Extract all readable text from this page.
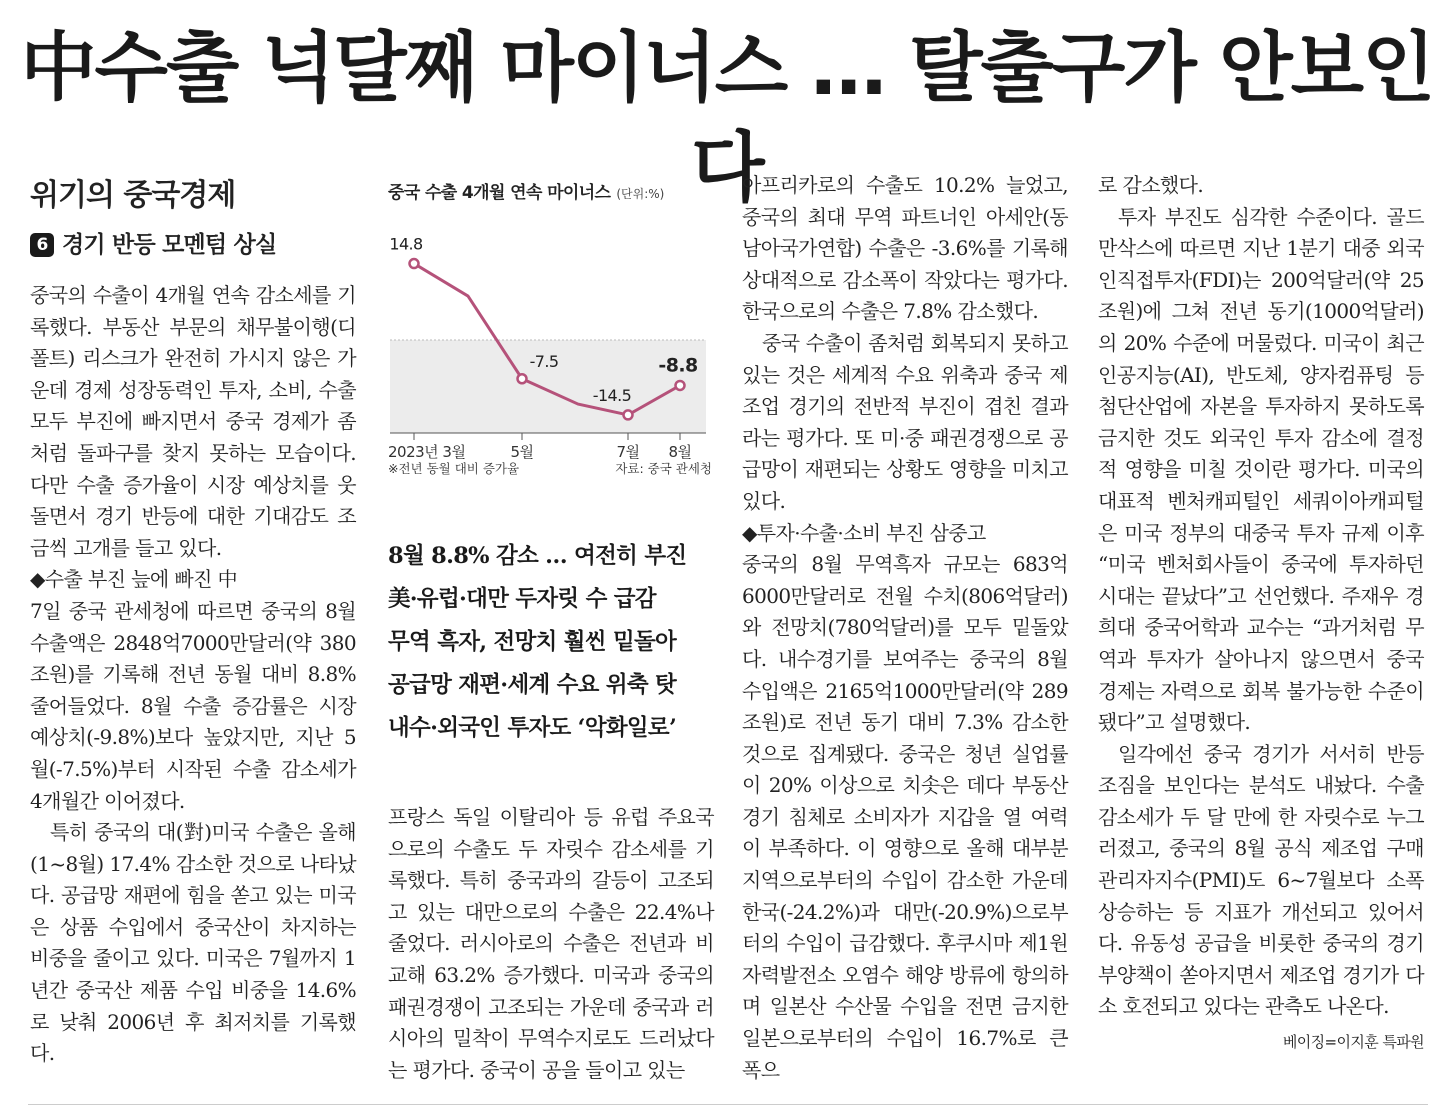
中수출 넉달째 마이너스 … 탈출구가 안보인다
위기의 중국경제
6 경기 반등 모멘텀 상실

중국의 수출이 4개월 연속 감소세를 기록했다. 부동산 부문의 채무불이행(디폴트) 리스크가 완전히 가시지 않은 가운데 경제 성장동력인 투자, 소비, 수출 모두 부진에 빠지면서 중국 경제가 좀처럼 돌파구를 찾지 못하는 모습이다. 다만 수출 증가율이 시장 예상치를 웃돌면서 경기 반등에 대한 기대감도 조금씩 고개를 들고 있다.

◆수출 부진 늪에 빠진 中

7일 중국 관세청에 따르면 중국의 8월 수출액은 2848억7000만달러(약 380조원)를 기록해 전년 동월 대비 8.8% 줄어들었다. 8월 수출 증감률은 시장 예상치(-9.8%)보다 높았지만, 지난 5월(-7.5%)부터 시작된 수출 감소세가 4개월간 이어졌다.

특히 중국의 대(對)미국 수출은 올해(1~8월) 17.4% 감소한 것으로 나타났다. 공급망 재편에 힘을 쏟고 있는 미국은 상품 수입에서 중국산이 차지하는 비중을 줄이고 있다. 미국은 7월까지 1년간 중국산 제품 수입 비중을 14.6%로 낮춰 2006년 후 최저치를 기록했다.

중국 수출 4개월 연속 마이너스 (단위:%)
2023년 3월	5월	7월 8월
14.8
-7.5
-14.5
-8.8
※전년 동월 대비 증가율	자료: 중국 관세청
8월 8.8% 감소 … 여전히 부진
美·유럽·대만 두자릿 수 급감
무역 흑자, 전망치 훨씬 밑돌아
공급망 재편·세계 수요 위축 탓
내수·외국인 투자도 ‘악화일로’

프랑스 독일 이탈리아 등 유럽 주요국으로의 수출도 두 자릿수 감소세를 기록했다. 특히 중국과의 갈등이 고조되고 있는 대만으로의 수출은 22.4%나 줄었다. 러시아로의 수출은 전년과 비교해 63.2% 증가했다. 미국과 중국의 패권경쟁이 고조되는 가운데 중국과 러시아의 밀착이 무역수지로도 드러났다는 평가다. 중국이 공을 들이고 있는

아프리카로의 수출도 10.2% 늘었고, 중국의 최대 무역 파트너인 아세안(동남아국가연합) 수출은 -3.6%를 기록해 상대적으로 감소폭이 작았다는 평가다. 한국으로의 수출은 7.8% 감소했다.

중국 수출이 좀처럼 회복되지 못하고 있는 것은 세계적 수요 위축과 중국 제조업 경기의 전반적 부진이 겹친 결과라는 평가다. 또 미·중 패권경쟁으로 공급망이 재편되는 상황도 영향을 미치고 있다.

◆투자·수출·소비 부진 삼중고

중국의 8월 무역흑자 규모는 683억6000만달러로 전월 수치(806억달러)와 전망치(780억달러)를 모두 밑돌았다. 내수경기를 보여주는 중국의 8월 수입액은 2165억1000만달러(약 289조원)로 전년 동기 대비 7.3% 감소한 것으로 집계됐다. 중국은 청년 실업률이 20% 이상으로 치솟은 데다 부동산 경기 침체로 소비자가 지갑을 열 여력이 부족하다. 이 영향으로 올해 대부분 지역으로부터의 수입이 감소한 가운데 한국(-24.2%)과 대만(-20.9%)으로부터의 수입이 급감했다. 후쿠시마 제1원자력발전소 오염수 해양 방류에 항의하며 일본산 수산물 수입을 전면 금지한 일본으로부터의 수입이 16.7%로 큰 폭으

로 감소했다.

투자 부진도 심각한 수준이다. 골드만삭스에 따르면 지난 1분기 대중 외국인직접투자(FDI)는 200억달러(약 25조원)에 그쳐 전년 동기(1000억달러)의 20% 수준에 머물렀다. 미국이 최근 인공지능(AI), 반도체, 양자컴퓨팅 등 첨단산업에 자본을 투자하지 못하도록 금지한 것도 외국인 투자 감소에 결정적 영향을 미칠 것이란 평가다. 미국의 대표적 벤처캐피털인 세쿼이아캐피털은 미국 정부의 대중국 투자 규제 이후 “미국 벤처회사들이 중국에 투자하던 시대는 끝났다”고 선언했다. 주재우 경희대 중국어학과 교수는 “과거처럼 무역과 투자가 살아나지 않으면서 중국 경제는 자력으로 회복 불가능한 수준이 됐다”고 설명했다.

일각에선 중국 경기가 서서히 반등 조짐을 보인다는 분석도 내놨다. 수출 감소세가 두 달 만에 한 자릿수로 누그러졌고, 중국의 8월 공식 제조업 구매관리자지수(PMI)도 6~7월보다 소폭 상승하는 등 지표가 개선되고 있어서다. 유동성 공급을 비롯한 중국의 경기 부양책이 쏟아지면서 제조업 경기가 다소 호전되고 있다는 관측도 나온다.

베이징=이지훈 특파원
